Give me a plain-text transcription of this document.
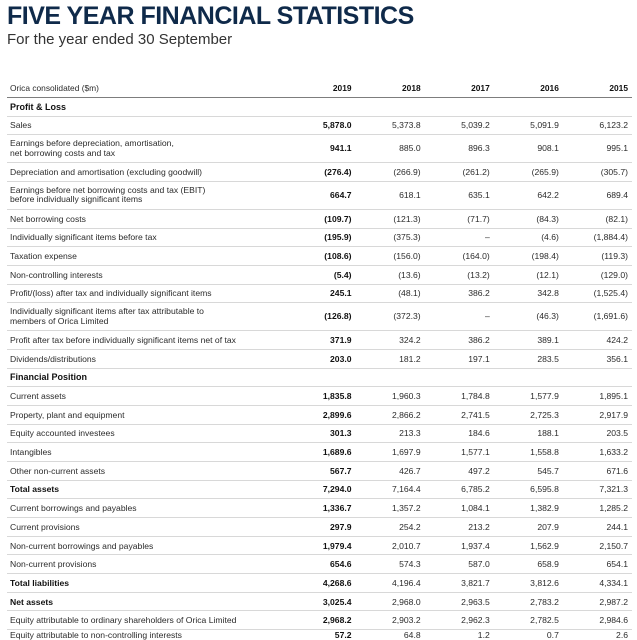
FIVE YEAR FINANCIAL STATISTICS
For the year ended 30 September
Orica consolidated ($m)	2019	2018	2017	2016	2015
Profit & Loss					
Sales	5,878.0	5,373.8	5,039.2	5,091.9	6,123.2
Earnings before depreciation, amortisation,
net borrowing costs and tax	941.1	885.0	896.3	908.1	995.1
Depreciation and amortisation (excluding goodwill)	(276.4)	(266.9)	(261.2)	(265.9)	(305.7)
Earnings before net borrowing costs and tax (EBIT)
before individually significant items	664.7	618.1	635.1	642.2	689.4
Net borrowing costs	(109.7)	(121.3)	(71.7)	(84.3)	(82.1)
Individually significant items before tax	(195.9)	(375.3)	–	(4.6)	(1,884.4)
Taxation expense	(108.6)	(156.0)	(164.0)	(198.4)	(119.3)
Non-controlling interests	(5.4)	(13.6)	(13.2)	(12.1)	(129.0)
Profit/(loss) after tax and individually significant items	245.1	(48.1)	386.2	342.8	(1,525.4)
Individually significant items after tax attributable to
members of Orica Limited	(126.8)	(372.3)	–	(46.3)	(1,691.6)
Profit after tax before individually significant items net of tax	371.9	324.2	386.2	389.1	424.2
Dividends/distributions	203.0	181.2	197.1	283.5	356.1
Financial Position					
Current assets	1,835.8	1,960.3	1,784.8	1,577.9	1,895.1
Property, plant and equipment	2,899.6	2,866.2	2,741.5	2,725.3	2,917.9
Equity accounted investees	301.3	213.3	184.6	188.1	203.5
Intangibles	1,689.6	1,697.9	1,577.1	1,558.8	1,633.2
Other non-current assets	567.7	426.7	497.2	545.7	671.6
Total assets	7,294.0	7,164.4	6,785.2	6,595.8	7,321.3
Current borrowings and payables	1,336.7	1,357.2	1,084.1	1,382.9	1,285.2
Current provisions	297.9	254.2	213.2	207.9	244.1
Non-current borrowings and payables	1,979.4	2,010.7	1,937.4	1,562.9	2,150.7
Non-current provisions	654.6	574.3	587.0	658.9	654.1
Total liabilities	4,268.6	4,196.4	3,821.7	3,812.6	4,334.1
Net assets	3,025.4	2,968.0	2,963.5	2,783.2	2,987.2
Equity attributable to ordinary shareholders of Orica Limited	2,968.2	2,903.2	2,962.3	2,782.5	2,984.6
Equity attributable to non-controlling interests	57.2	64.8	1.2	0.7	2.6
